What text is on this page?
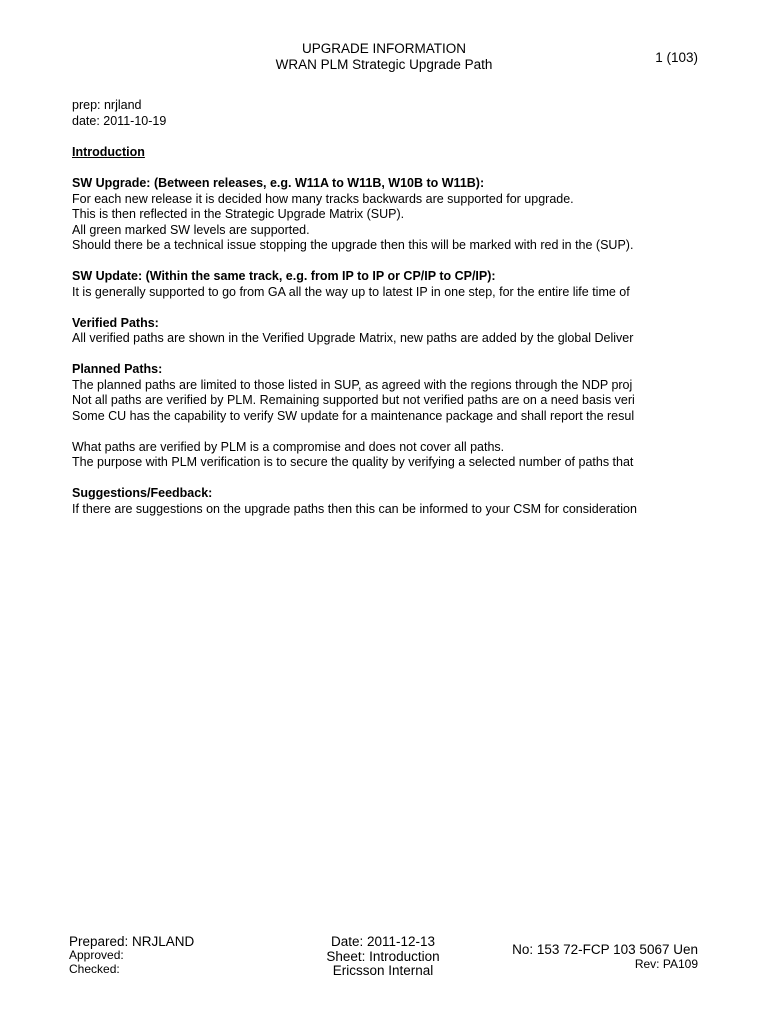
UPGRADE INFORMATION
WRAN PLM Strategic Upgrade Path	1 (103)
prep: nrjland
date: 2011-10-19
Introduction
SW Upgrade: (Between releases, e.g. W11A to W11B, W10B to W11B):
For each new release it is decided how many tracks backwards are supported for upgrade.
This is then reflected in the Strategic Upgrade Matrix (SUP).
All green marked SW levels are supported.
Should there be a technical issue stopping the upgrade then this will be marked with red in the (SUP).
SW Update: (Within the same track, e.g. from IP to IP or CP/IP to CP/IP):
It is generally supported to go from GA all the way up to latest IP in one step, for the entire life time of
Verified Paths:
All verified paths are shown in the Verified Upgrade Matrix, new paths are added by the global Deliver
Planned Paths:
The planned paths are limited to those listed in SUP, as agreed with the regions through the NDP proj
Not all paths are verified by PLM. Remaining supported but not verified paths are on a need basis veri
Some CU has the capability to verify SW update for a maintenance package and shall report the resul
What paths are verified by PLM is a compromise and does not cover all paths.
The purpose with PLM verification is to secure the quality by verifying a selected number of paths that
Suggestions/Feedback:
If there are suggestions on the upgrade paths then this can be informed to your CSM for consideration
Prepared: NRJLAND
Approved:
Checked:
Date: 2011-12-13
Sheet: Introduction
Ericsson Internal
No: 153 72-FCP 103 5067 Uen
Rev: PA109
